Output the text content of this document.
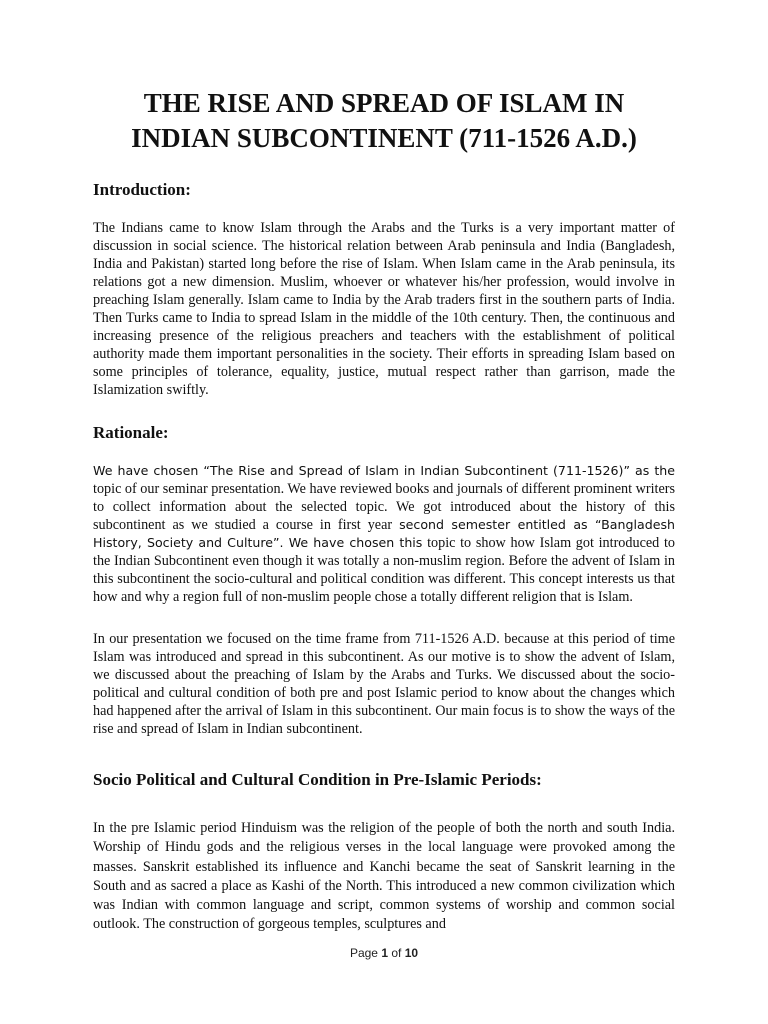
THE RISE AND SPREAD OF ISLAM IN
INDIAN SUBCONTINENT (711-1526 A.D.)
Introduction:

The Indians came to know Islam through the Arabs and the Turks is a very important matter of discussion in social science. The historical relation between Arab peninsula and India (Bangladesh, India and Pakistan) started long before the rise of Islam. When Islam came in the Arab peninsula, its relations got a new dimension. Muslim, whoever or whatever his/her profession, would involve in preaching Islam generally. Islam came to India by the Arab traders first in the southern parts of India. Then Turks came to India to spread Islam in the middle of the 10th century. Then, the continuous and increasing presence of the religious preachers and teachers with the establishment of political authority made them important personalities in the society. Their efforts in spreading Islam based on some principles of tolerance, equality, justice, mutual respect rather than garrison, made the Islamization swiftly.

Rationale:

We have chosen “The Rise and Spread of Islam in Indian Subcontinent (711-1526)” as the topic of our seminar presentation. We have reviewed books and journals of different prominent writers to collect information about the selected topic. We got introduced about the history of this subcontinent as we studied a course in first year second semester entitled as “Bangladesh History, Society and Culture”. We have chosen this topic to show how Islam got introduced to the Indian Subcontinent even though it was totally a non-muslim region. Before the advent of Islam in this subcontinent the socio-cultural and political condition was different. This concept interests us that how and why a region full of non-muslim people chose a totally different religion that is Islam.

In our presentation we focused on the time frame from 711-1526 A.D. because at this period of time Islam was introduced and spread in this subcontinent. As our motive is to show the advent of Islam, we discussed about the preaching of Islam by the Arabs and Turks. We discussed about the socio-political and cultural condition of both pre and post Islamic period to know about the changes which had happened after the arrival of Islam in this subcontinent. Our main focus is to show the ways of the rise and spread of Islam in Indian subcontinent.

Socio Political and Cultural Condition in Pre-Islamic Periods:

In the pre Islamic period Hinduism was the religion of the people of both the north and south India. Worship of Hindu gods and the religious verses in the local language were provoked among the masses. Sanskrit established its influence and Kanchi became the seat of Sanskrit learning in the South and as sacred a place as Kashi of the North. This introduced a new common civilization which was Indian with common language and script, common systems of worship and common social outlook. The construction of gorgeous temples, sculptures and

Page 1 of 10
